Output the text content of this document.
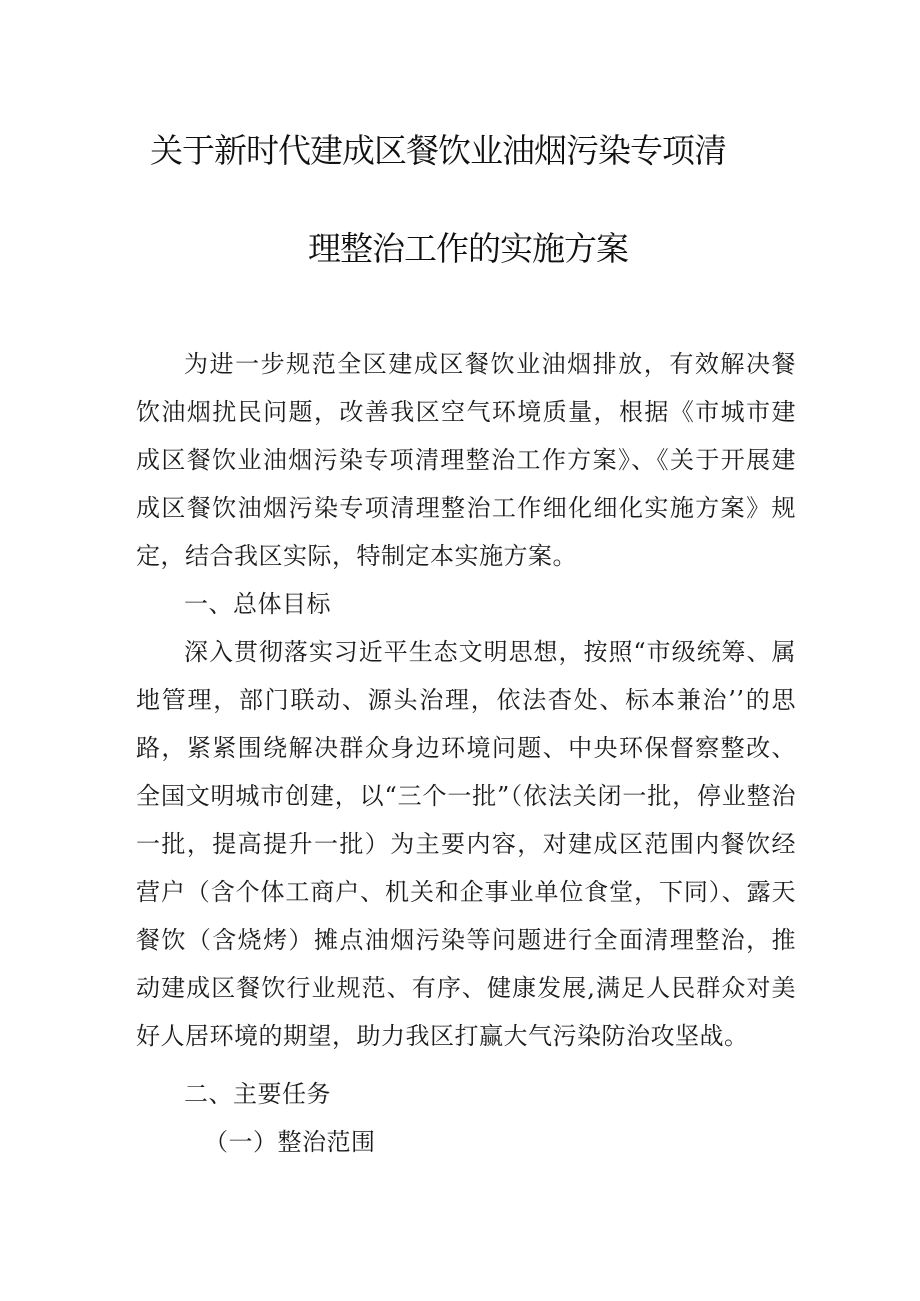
关于新时代建成区餐饮业油烟污染专项清
理整治工作的实施方案

为进一步规范全区建成区餐饮业油烟排放，有效解决餐饮油烟扰民问题，改善我区空气环境质量，根据《市城市建成区餐饮业油烟污染专项清理整治工作方案》、《关于开展建成区餐饮油烟污染专项清理整治工作细化细化实施方案》规定，结合我区实际，特制定本实施方案。

一、总体目标

深入贯彻落实习近平生态文明思想，按照“市级统筹、属地管理，部门联动、源头治理，依法杳处、标本兼治’’的思路，紧紧围绕解决群众身边环境问题、中央环保督察整改、全国文明城市创建，以“三个一批”（依法关闭一批，停业整治一批，提高提升一批）为主要内容，对建成区范围内餐饮经营户（含个体工商户、机关和企事业单位食堂，下同）、露天餐饮（含烧烤）摊点油烟污染等问题进行全面清理整治，推动建成区餐饮行业规范、有序、健康发展,满足人民群众对美好人居环境的期望，助力我区打赢大气污染防治攻坚战。

二、主要任务

（一）整治范围
